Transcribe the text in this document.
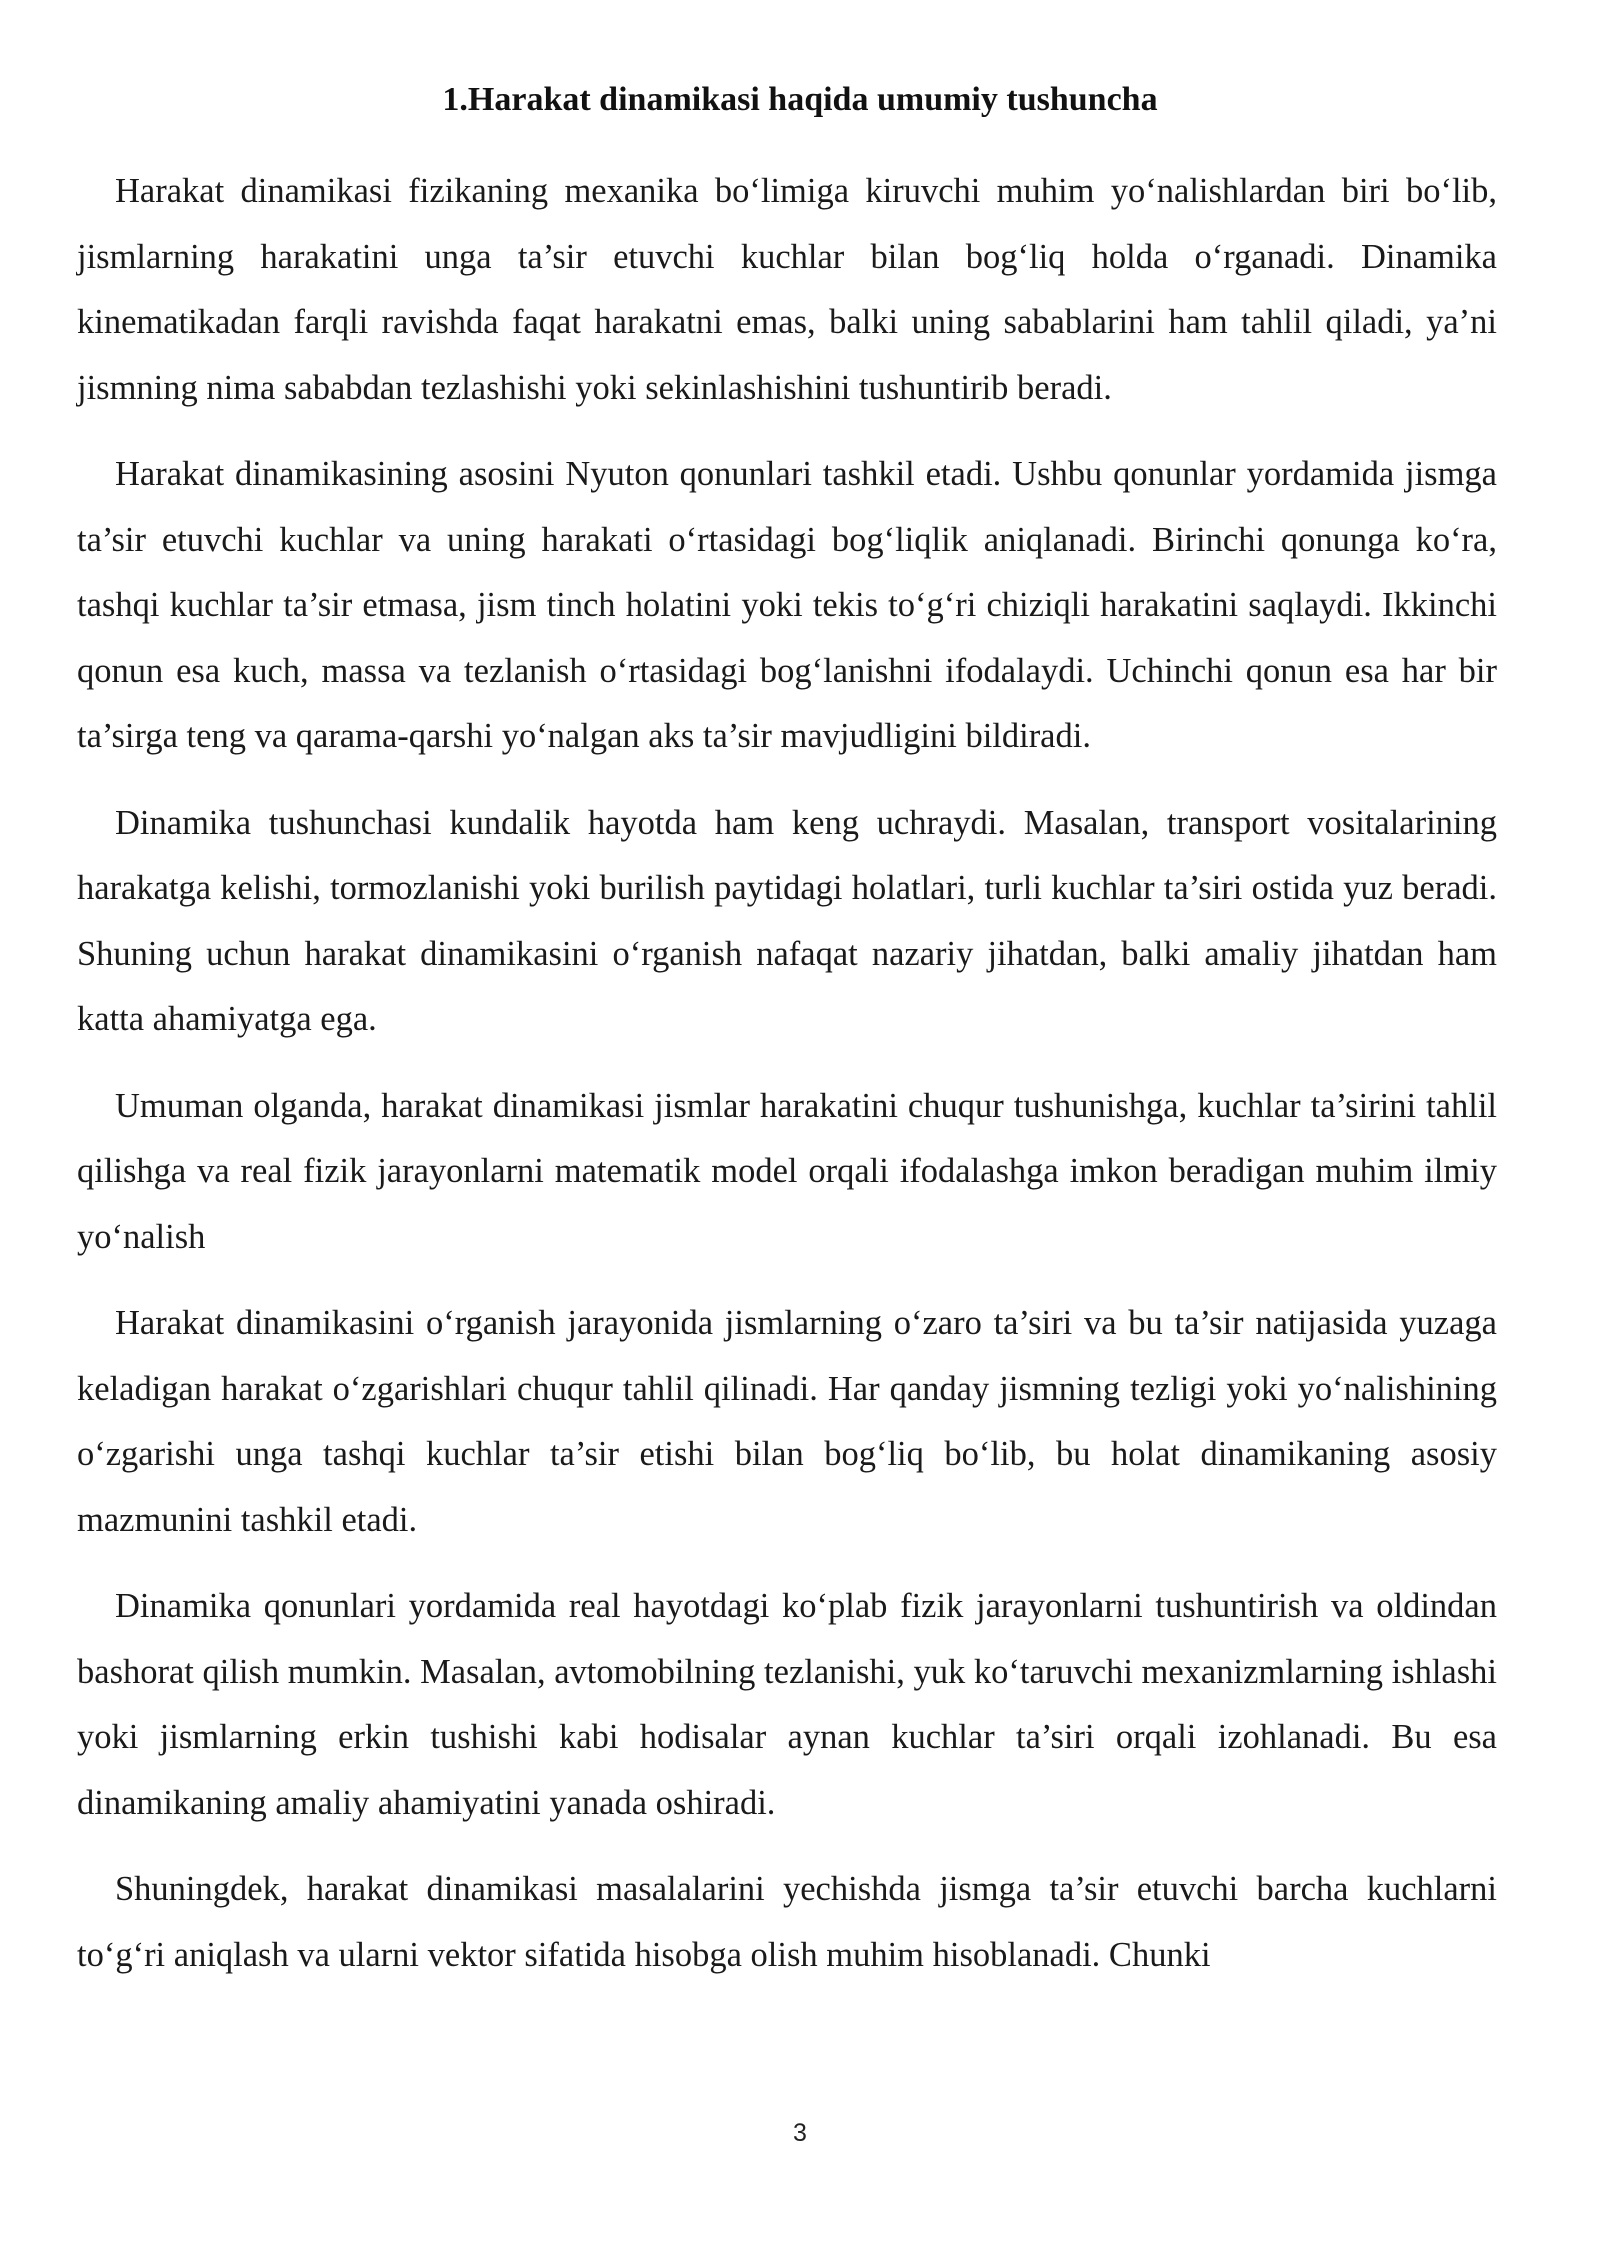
1.Harakat dinamikasi haqida umumiy tushuncha

Harakat dinamikasi fizikaning mexanika bo‘limiga kiruvchi muhim yo‘nalishlardan biri bo‘lib, jismlarning harakatini unga ta’sir etuvchi kuchlar bilan bog‘liq holda o‘rganadi. Dinamika kinematikadan farqli ravishda faqat harakatni emas, balki uning sabablarini ham tahlil qiladi, ya’ni jismning nima sababdan tezlashishi yoki sekinlashishini tushuntirib beradi.

Harakat dinamikasining asosini Nyuton qonunlari tashkil etadi. Ushbu qonunlar yordamida jismga ta’sir etuvchi kuchlar va uning harakati o‘rtasidagi bog‘liqlik aniqlanadi. Birinchi qonunga ko‘ra, tashqi kuchlar ta’sir etmasa, jism tinch holatini yoki tekis to‘g‘ri chiziqli harakatini saqlaydi. Ikkinchi qonun esa kuch, massa va tezlanish o‘rtasidagi bog‘lanishni ifodalaydi. Uchinchi qonun esa har bir ta’sirga teng va qarama-qarshi yo‘nalgan aks ta’sir mavjudligini bildiradi.

Dinamika tushunchasi kundalik hayotda ham keng uchraydi. Masalan, transport vositalarining harakatga kelishi, tormozlanishi yoki burilish paytidagi holatlari, turli kuchlar ta’siri ostida yuz beradi. Shuning uchun harakat dinamikasini o‘rganish nafaqat nazariy jihatdan, balki amaliy jihatdan ham katta ahamiyatga ega.

Umuman olganda, harakat dinamikasi jismlar harakatini chuqur tushunishga, kuchlar ta’sirini tahlil qilishga va real fizik jarayonlarni matematik model orqali ifodalashga imkon beradigan muhim ilmiy yo‘nalish

Harakat dinamikasini o‘rganish jarayonida jismlarning o‘zaro ta’siri va bu ta’sir natijasida yuzaga keladigan harakat o‘zgarishlari chuqur tahlil qilinadi. Har qanday jismning tezligi yoki yo‘nalishining o‘zgarishi unga tashqi kuchlar ta’sir etishi bilan bog‘liq bo‘lib, bu holat dinamikaning asosiy mazmunini tashkil etadi.

Dinamika qonunlari yordamida real hayotdagi ko‘plab fizik jarayonlarni tushuntirish va oldindan bashorat qilish mumkin. Masalan, avtomobilning tezlanishi, yuk ko‘taruvchi mexanizmlarning ishlashi yoki jismlarning erkin tushishi kabi hodisalar aynan kuchlar ta’siri orqali izohlanadi. Bu esa dinamikaning amaliy ahamiyatini yanada oshiradi.

Shuningdek, harakat dinamikasi masalalarini yechishda jismga ta’sir etuvchi barcha kuchlarni to‘g‘ri aniqlash va ularni vektor sifatida hisobga olish muhim hisoblanadi. Chunki

3
